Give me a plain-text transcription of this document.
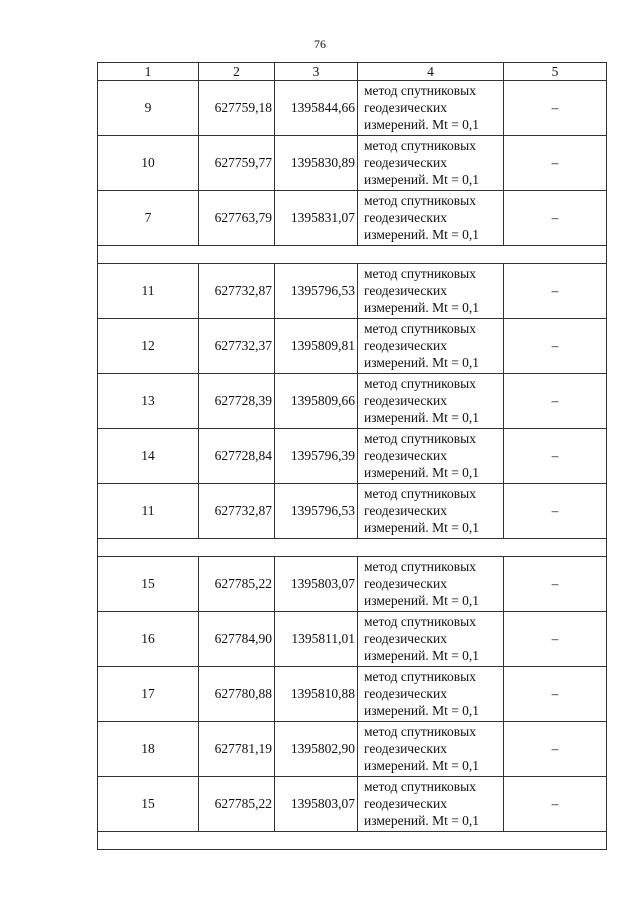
76
1	2	3	4	5
9	627759,18	1395844,66	метод спутниковых
геодезических
измерений. Mt = 0,1	–
10	627759,77	1395830,89	метод спутниковых
геодезических
измерений. Mt = 0,1	–
7	627763,79	1395831,07	метод спутниковых
геодезических
измерений. Mt = 0,1	–

11	627732,87	1395796,53	метод спутниковых
геодезических
измерений. Mt = 0,1	–
12	627732,37	1395809,81	метод спутниковых
геодезических
измерений. Mt = 0,1	–
13	627728,39	1395809,66	метод спутниковых
геодезических
измерений. Mt = 0,1	–
14	627728,84	1395796,39	метод спутниковых
геодезических
измерений. Mt = 0,1	–
11	627732,87	1395796,53	метод спутниковых
геодезических
измерений. Mt = 0,1	–

15	627785,22	1395803,07	метод спутниковых
геодезических
измерений. Mt = 0,1	–
16	627784,90	1395811,01	метод спутниковых
геодезических
измерений. Mt = 0,1	–
17	627780,88	1395810,88	метод спутниковых
геодезических
измерений. Mt = 0,1	–
18	627781,19	1395802,90	метод спутниковых
геодезических
измерений. Mt = 0,1	–
15	627785,22	1395803,07	метод спутниковых
геодезических
измерений. Mt = 0,1	–
